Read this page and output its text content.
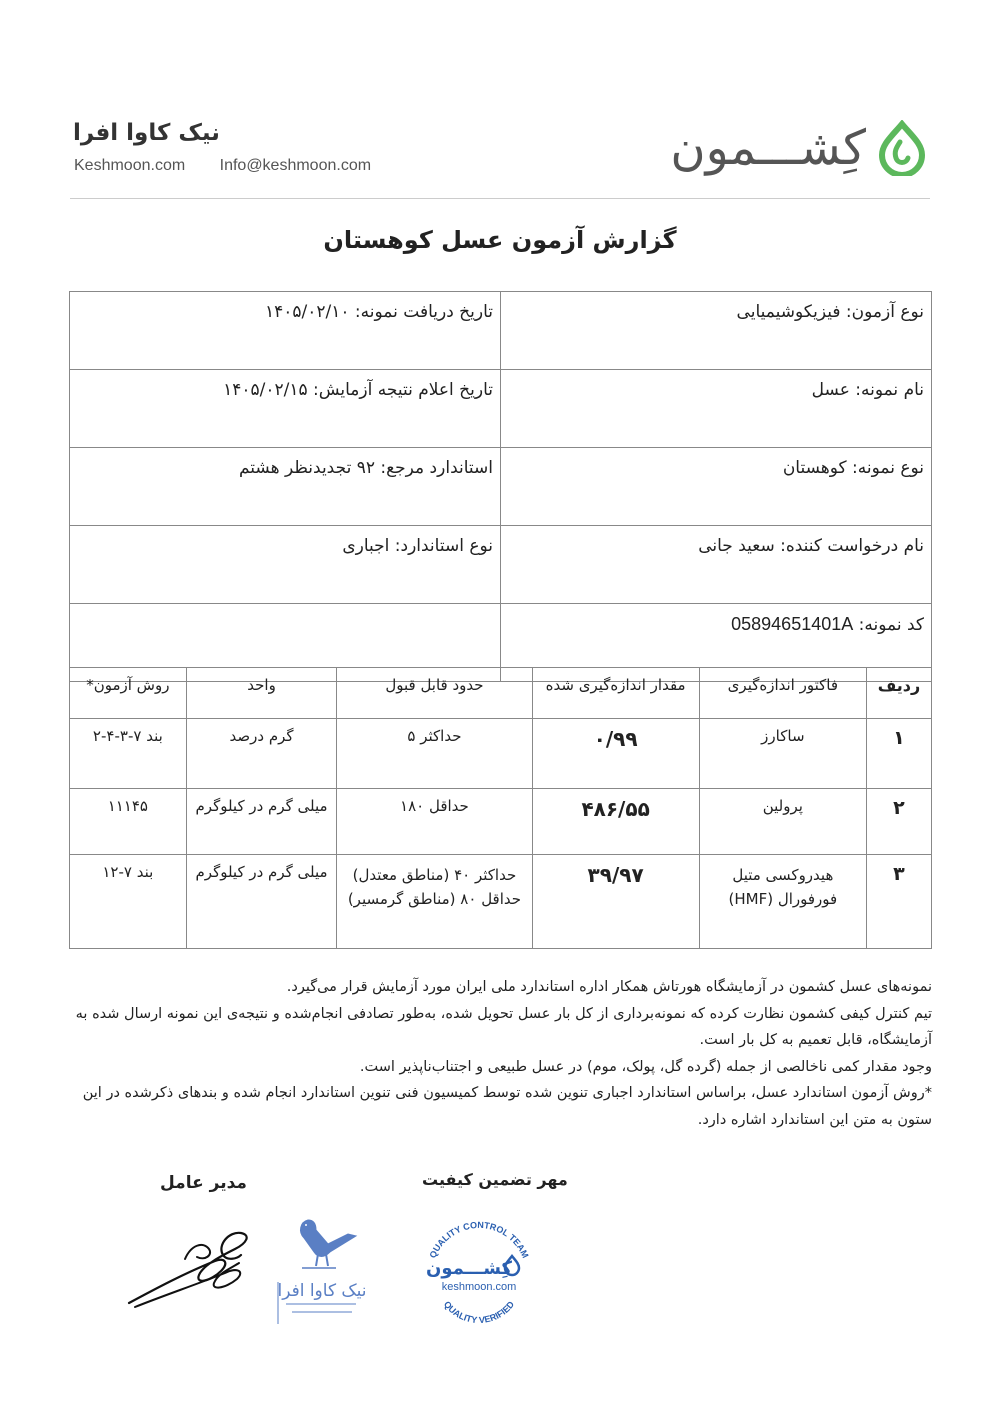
نیک کاوا افرا
Keshmoon.com Info@keshmoon.com	کِشـــمون
گزارش آزمون عسل کوهستان
نوع آزمون: فیزیکوشیمیایی	تاریخ دریافت نمونه: ۱۴۰۵/۰۲/۱۰
نام نمونه: عسل	تاریخ اعلام نتیجه آزمایش: ۱۴۰۵/۰۲/۱۵
نوع نمونه: کوهستان	استاندارد مرجع: ۹۲ تجدیدنظر هشتم
نام درخواست کننده: سعید جانی	نوع استاندارد: اجباری
کد نمونه: 05894651401A	
ردیف	فاکتور اندازه‌گیری	مقدار اندازه‌گیری شده	حدود قابل قبول	واحد	روش آزمون*
۱	ساکارز	۰/۹۹	حداکثر ۵	گرم درصد	بند ۷-۳-۴-۲
۲	پرولین	۴۸۶/۵۵	حداقل ۱۸۰	میلی گرم در کیلوگرم	۱۱۱۴۵
۳	هیدروکسی متیل فورفورال (HMF)	۳۹/۹۷	حداکثر ۴۰ (مناطق معتدل) حداقل ۸۰ (مناطق گرمسیر)	میلی گرم در کیلوگرم	بند ۷-۱۲

نمونه‌های عسل کشمون در آزمایشگاه هورتاش همکار اداره استاندارد ملی ایران مورد آزمایش قرار می‌گیرد.

تیم کنترل کیفی کشمون نظارت کرده که نمونه‌برداری از کل بار عسل تحویل شده، به‌طور تصادفی انجام‌شده و نتیجه‌ی این نمونه ارسال شده به آزمایشگاه، قابل تعمیم به کل بار است.

وجود مقدار کمی ناخالصی از جمله (گرده گل، پولک، موم) در عسل طبیعی و اجتناب‌ناپذیر است.

*روش آزمون استاندارد عسل، براساس استاندارد اجباری تنوین شده توسط کمیسیون فنی تنوین استاندارد انجام شده و بندهای ذکرشده در این ستون به متن این استاندارد اشاره دارد.

مهر تضمین کیفیت
مدیر عامل
QUALITY CONTROL TEAM
QUALITY VERIFIED
کِشـــمون
keshmoon.com
نیک کاوا افرا
